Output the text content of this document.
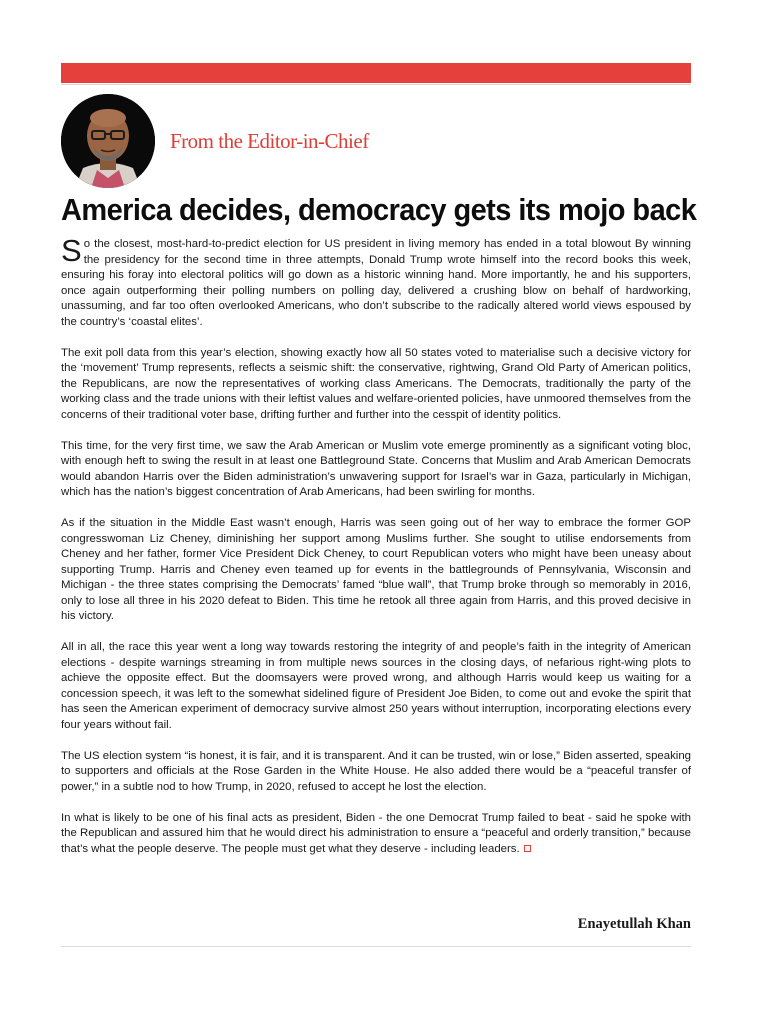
From the Editor-in-Chief
America decides, democracy gets its mojo back

So the closest, most-hard-to-predict election for US president in living memory has ended in a total blowout By winning the presidency for the second time in three attempts, Donald Trump wrote himself into the record books this week, ensuring his foray into electoral politics will go down as a historic winning hand. More importantly, he and his supporters, once again outperforming their polling numbers on polling day, delivered a crushing blow on behalf of hardworking, unassuming, and far too often overlooked Americans, who don’t subscribe to the radically altered world views espoused by the country’s ‘coastal elites’.

The exit poll data from this year’s election, showing exactly how all 50 states voted to materialise such a decisive victory for the ‘movement’ Trump represents, reflects a seismic shift: the conservative, rightwing, Grand Old Party of American politics, the Republicans, are now the representatives of working class Americans. The Democrats, traditionally the party of the working class and the trade unions with their leftist values and welfare-oriented policies, have unmoored themselves from the concerns of their traditional voter base, drifting further and further into the cesspit of identity politics.

This time, for the very first time, we saw the Arab American or Muslim vote emerge prominently as a significant voting bloc, with enough heft to swing the result in at least one Battleground State. Concerns that Muslim and Arab American Democrats would abandon Harris over the Biden administration’s unwavering support for Israel’s war in Gaza, particularly in Michigan, which has the nation’s biggest concentration of Arab Americans, had been swirling for months.

As if the situation in the Middle East wasn’t enough, Harris was seen going out of her way to embrace the former GOP congresswoman Liz Cheney, diminishing her support among Muslims further. She sought to utilise endorsements from Cheney and her father, former Vice President Dick Cheney, to court Republican voters who might have been uneasy about supporting Trump. Harris and Cheney even teamed up for events in the battlegrounds of Pennsylvania, Wisconsin and Michigan - the three states comprising the Democrats’ famed “blue wall”, that Trump broke through so memorably in 2016, only to lose all three in his 2020 defeat to Biden. This time he retook all three again from Harris, and this proved decisive in his victory.

All in all, the race this year went a long way towards restoring the integrity of and people’s faith in the integrity of American elections - despite warnings streaming in from multiple news sources in the closing days, of nefarious right-wing plots to achieve the opposite effect. But the doomsayers were proved wrong, and although Harris would keep us waiting for a concession speech, it was left to the somewhat sidelined figure of President Joe Biden, to come out and evoke the spirit that has seen the American experiment of democracy survive almost 250 years without interruption, incorporating elections every four years without fail.

The US election system “is honest, it is fair, and it is transparent. And it can be trusted, win or lose,” Biden asserted, speaking to supporters and officials at the Rose Garden in the White House. He also added there would be a “peaceful transfer of power,” in a subtle nod to how Trump, in 2020, refused to accept he lost the election.

In what is likely to be one of his final acts as president, Biden - the one Democrat Trump failed to beat - said he spoke with the Republican and assured him that he would direct his administration to ensure a “peaceful and orderly transition,” because that’s what the people deserve. The people must get what they deserve - including leaders.

Enayetullah Khan
